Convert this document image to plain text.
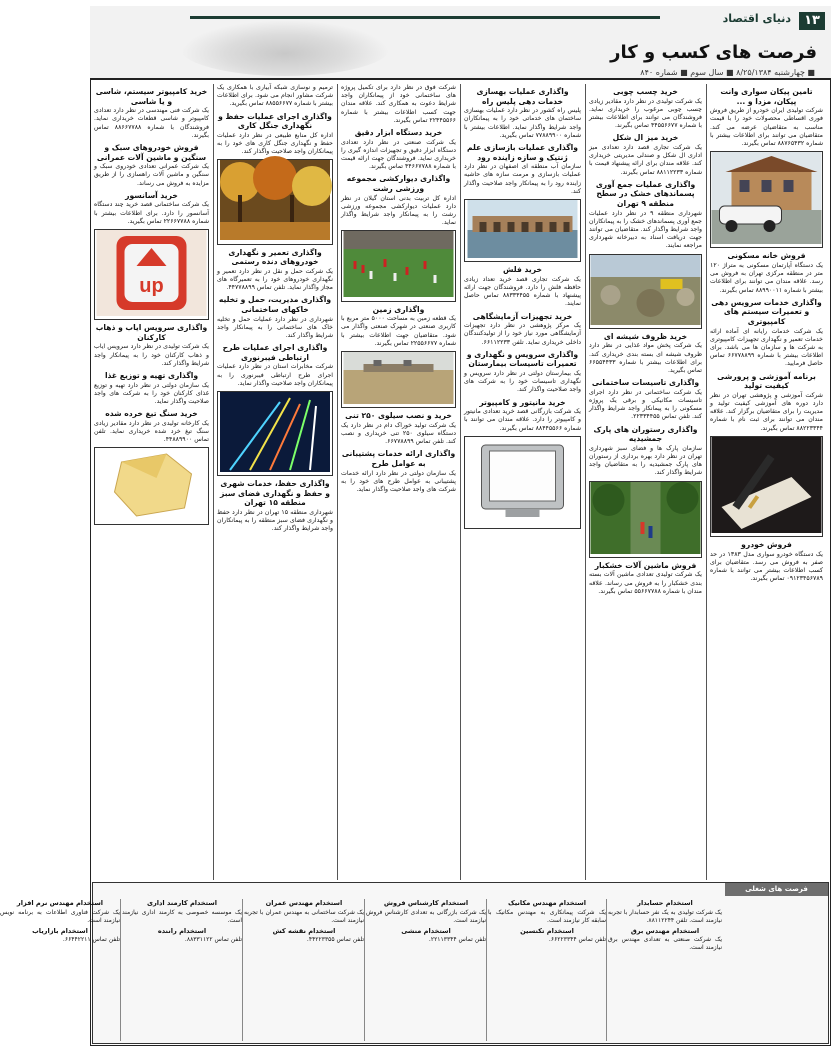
۱۳
دنیای اقتصاد
فرصت های کسب و کار
■ چهارشنبه ۸/۲۵/۱۳۸۴ ■ سال سوم ■ شماره ۸۴۰
تامین پیکان سواری وانت پیکان، مزدا و ...

شرکت تولیدی ایران خودرو از طریق فروش فوری اقساطی محصولات خود را با قیمت مناسب به متقاضیان عرضه می کند. متقاضیان می توانند برای اطلاعات بیشتر با شماره ۸۸۷۶۵۴۳۲ تماس بگیرند.

فروش خانه مسکونی

یک دستگاه آپارتمان مسکونی به متراژ ۱۲۰ متر در منطقه مرکزی تهران به فروش می رسد. علاقه مندان می توانند برای اطلاعات بیشتر با شماره ۸۸۹۹۰۰۱۱ تماس بگیرند.

واگذاری خدمات سرویس دهی و تعمیرات سیستم های کامپیوتری

یک شرکت خدمات رایانه ای آماده ارائه خدمات تعمیر و نگهداری تجهیزات کامپیوتری به شرکت ها و سازمان ها می باشد. برای اطلاعات بیشتر با شماره ۶۶۷۷۸۸۹۹ تماس حاصل فرمایید.

برنامه آموزشی و پرورشی کیفیت تولید

شرکت آموزشی و پژوهشی تهران در نظر دارد دوره های آموزشی کیفیت تولید و مدیریت را برای متقاضیان برگزار کند. علاقه مندان می توانند برای ثبت نام با شماره ۸۸۲۲۳۳۴۴ تماس بگیرند.

فروش خودرو

یک دستگاه خودرو سواری مدل ۱۳۸۳ در حد صفر به فروش می رسد. متقاضیان برای کسب اطلاعات بیشتر می توانند با شماره ۰۹۱۲۳۴۵۶۷۸۹ تماس بگیرند.

خرید چسب چوبی

یک شرکت تولیدی در نظر دارد مقادیر زیادی چسب چوبی مرغوب را خریداری نماید. فروشندگان می توانند برای اطلاعات بیشتر با شماره ۴۴۵۵۶۶۷۷ تماس بگیرند.

خرید میز ال شکل

یک شرکت تجاری قصد دارد تعدادی میز اداری ال شکل و صندلی مدیریتی خریداری کند. علاقه مندان برای ارائه پیشنهاد قیمت با شماره ۸۸۱۱۲۲۳۳ تماس بگیرند.

واگذاری عملیات جمع آوری پسماندهای خشک در سطح منطقه ۹ تهران

شهرداری منطقه ۹ در نظر دارد عملیات جمع آوری پسماندهای خشک را به پیمانکاران واجد شرایط واگذار کند. متقاضیان می توانند جهت دریافت اسناد به دبیرخانه شهرداری مراجعه نمایند.

خرید ظروف شیشه ای

یک شرکت پخش مواد غذایی در نظر دارد ظروف شیشه ای بسته بندی خریداری کند. برای اطلاعات بیشتر با شماره ۶۶۵۵۴۴۳۳ تماس بگیرید.

واگذاری تاسیسات ساختمانی

یک شرکت ساختمانی در نظر دارد اجرای تاسیسات مکانیکی و برقی یک پروژه مسکونی را به پیمانکار واجد شرایط واگذار کند. تلفن تماس ۲۲۳۳۴۴۵۵.

واگذاری رستوران های پارک جمشیدیه

سازمان پارک ها و فضای سبز شهرداری تهران در نظر دارد بهره برداری از رستوران های پارک جمشیدیه را به متقاضیان واجد شرایط واگذار کند.

فروش ماشین آلات خشکبار

یک شرکت تولیدی تعدادی ماشین آلات بسته بندی خشکبار را به فروش می رساند. علاقه مندان با شماره ۵۵۶۶۷۷۸۸ تماس بگیرند.

واگذاری عملیات بهسازی خدمات دهی پلیس راه

پلیس راه کشور در نظر دارد عملیات بهسازی ساختمان های خدماتی خود را به پیمانکاران واجد شرایط واگذار نماید. اطلاعات بیشتر با شماره ۷۷۸۸۹۹۰۰ تماس بگیرید.

واگذاری عملیات بازسازی علم ژنتیک و سازه زاینده رود

سازمان آب منطقه ای اصفهان در نظر دارد عملیات بازسازی و مرمت سازه های حاشیه زاینده رود را به پیمانکار واجد صلاحیت واگذار کند.

خرید فلش

یک شرکت تجاری قصد خرید تعداد زیادی حافظه فلش را دارد. فروشندگان جهت ارائه پیشنهاد با شماره ۸۸۳۳۴۴۵۵ تماس حاصل نمایند.

خرید تجهیزات آزمایشگاهی

یک مرکز پژوهشی در نظر دارد تجهیزات آزمایشگاهی مورد نیاز خود را از تولیدکنندگان داخلی خریداری نماید. تلفن ۶۶۱۱۲۲۳۳.

واگذاری سرویس و نگهداری و تعمیرات تاسیسات بیمارستان

یک بیمارستان دولتی در نظر دارد سرویس و نگهداری تاسیسات خود را به شرکت های واجد صلاحیت واگذار کند.

خرید مانیتور و کامپیوتر

یک شرکت بازرگانی قصد خرید تعدادی مانیتور و کامپیوتر را دارد. علاقه مندان می توانند با شماره ۸۸۴۴۵۵۶۶ تماس بگیرند.

شرکت فوق در نظر دارد برای تکمیل پروژه های ساختمانی خود از پیمانکاران واجد شرایط دعوت به همکاری کند. علاقه مندان جهت کسب اطلاعات بیشتر با شماره ۲۲۴۴۵۵۶۶ تماس بگیرند.

خرید دستگاه ابزار دقیق

یک شرکت صنعتی در نظر دارد تعدادی دستگاه ابزار دقیق و تجهیزات اندازه گیری را خریداری نماید. فروشندگان جهت ارائه قیمت با شماره ۴۴۶۶۷۷۸۸ تماس بگیرند.

واگذاری دیوارکشی مجموعه ورزشی رشت

اداره کل تربیت بدنی استان گیلان در نظر دارد عملیات دیوارکشی مجموعه ورزشی رشت را به پیمانکار واجد شرایط واگذار نماید.

واگذاری زمین

یک قطعه زمین به مساحت ۵۰۰۰ متر مربع با کاربری صنعتی در شهرک صنعتی واگذار می شود. متقاضیان جهت اطلاعات بیشتر با شماره ۲۲۵۵۶۶۷۷ تماس بگیرند.

خرید و نصب سیلوی ۲۵۰ تنی

یک شرکت تولید خوراک دام در نظر دارد یک دستگاه سیلوی ۲۵۰ تنی خریداری و نصب کند. تلفن تماس ۶۶۷۷۸۸۹۹.

واگذاری ارائه خدمات پشتیبانی به عوامل طرح

یک سازمان دولتی در نظر دارد ارائه خدمات پشتیبانی به عوامل طرح های خود را به شرکت های واجد صلاحیت واگذار نماید.

ترمیم و نوسازی شبکه آبیاری با همکاری یک شرکت مشاور انجام می شود. برای اطلاعات بیشتر با شماره ۸۸۵۵۶۶۷۷ تماس بگیرید.

واگذاری اجرای عملیات حفظ و نگهداری جنگل کاری

اداره کل منابع طبیعی در نظر دارد عملیات حفظ و نگهداری جنگل کاری های خود را به پیمانکاران واجد صلاحیت واگذار کند.

واگذاری تعمیر و نگهداری خودروهای دنده رستمی

یک شرکت حمل و نقل در نظر دارد تعمیر و نگهداری خودروهای خود را به تعمیرگاه های مجاز واگذار نماید. تلفن تماس ۴۴۷۷۸۸۹۹.

واگذاری مدیریت، حمل و تخلیه خاکهای ساختمانی

شهرداری در نظر دارد عملیات حمل و تخلیه خاک های ساختمانی را به پیمانکار واجد شرایط واگذار کند.

واگذاری اجرای عملیات طرح ارتباطی فیبرنوری

شرکت مخابرات استان در نظر دارد عملیات اجرای طرح ارتباطی فیبرنوری را به پیمانکاران واجد صلاحیت واگذار نماید.

واگذاری حفظ، خدمات شهری و حفظ و نگهداری فضای سبز منطقه ۱۵ تهران

شهرداری منطقه ۱۵ تهران در نظر دارد حفظ و نگهداری فضای سبز منطقه را به پیمانکاران واجد شرایط واگذار کند.

خرید کامپیوتر سیستم، شاسی و یا شاسی

یک شرکت فنی مهندسی در نظر دارد تعدادی کامپیوتر و شاسی قطعات خریداری نماید. فروشندگان با شماره ۸۸۶۶۷۷۸۸ تماس بگیرند.

فروش خودروهای سبک و سنگین و ماشین آلات عمرانی

یک شرکت عمرانی تعدادی خودروی سبک و سنگین و ماشین آلات راهسازی را از طریق مزایده به فروش می رساند.

خرید آسانسور

یک شرکت ساختمانی قصد خرید چند دستگاه آسانسور را دارد. برای اطلاعات بیشتر با شماره ۲۲۶۶۷۷۸۸ تماس بگیرید.

up
واگذاری سرویس ایاب و ذهاب کارکنان

یک شرکت تولیدی در نظر دارد سرویس ایاب و ذهاب کارکنان خود را به پیمانکار واجد شرایط واگذار کند.

واگذاری تهیه و توزیع غذا

یک سازمان دولتی در نظر دارد تهیه و توزیع غذای کارکنان خود را به شرکت های واجد صلاحیت واگذار نماید.

خرید سنگ تیغ خرده شده

یک کارخانه تولیدی در نظر دارد مقادیر زیادی سنگ تیغ خرد شده خریداری نماید. تلفن تماس ۴۴۸۸۹۹۰۰.

فرصت های شغلی
استخدام حسابدار

یک شرکت تولیدی به یک نفر حسابدار با تجربه نیازمند است. تلفن ۸۸۱۱۲۲۴۴.

استخدام مهندس برق

یک شرکت صنعتی به تعدادی مهندس برق نیازمند است.

استخدام مهندس مکانیک

یک شرکت پیمانکاری به مهندس مکانیک با سابقه کار نیازمند است.

استخدام تکنسین

تلفن تماس ۶۶۲۲۳۳۴۴.

استخدام کارشناس فروش

یک شرکت بازرگانی به تعدادی کارشناس فروش نیازمند است.

استخدام منشی

تلفن تماس ۲۲۱۱۳۳۴۴.

استخدام مهندس عمران

یک شرکت ساختمانی به مهندس عمران با تجربه نیازمند است.

استخدام نقشه کش

تلفن تماس ۴۴۲۲۳۳۵۵.

استخدام کارمند اداری

یک موسسه خصوصی به کارمند اداری نیازمند است.

استخدام راننده

تلفن تماس ۸۸۳۳۱۱۲۲.

استخدام مهندس نرم افزار

یک شرکت فناوری اطلاعات به برنامه نویس نیازمند است.

استخدام بازاریاب

تلفن تماس ۶۶۴۴۲۲۱۱.
